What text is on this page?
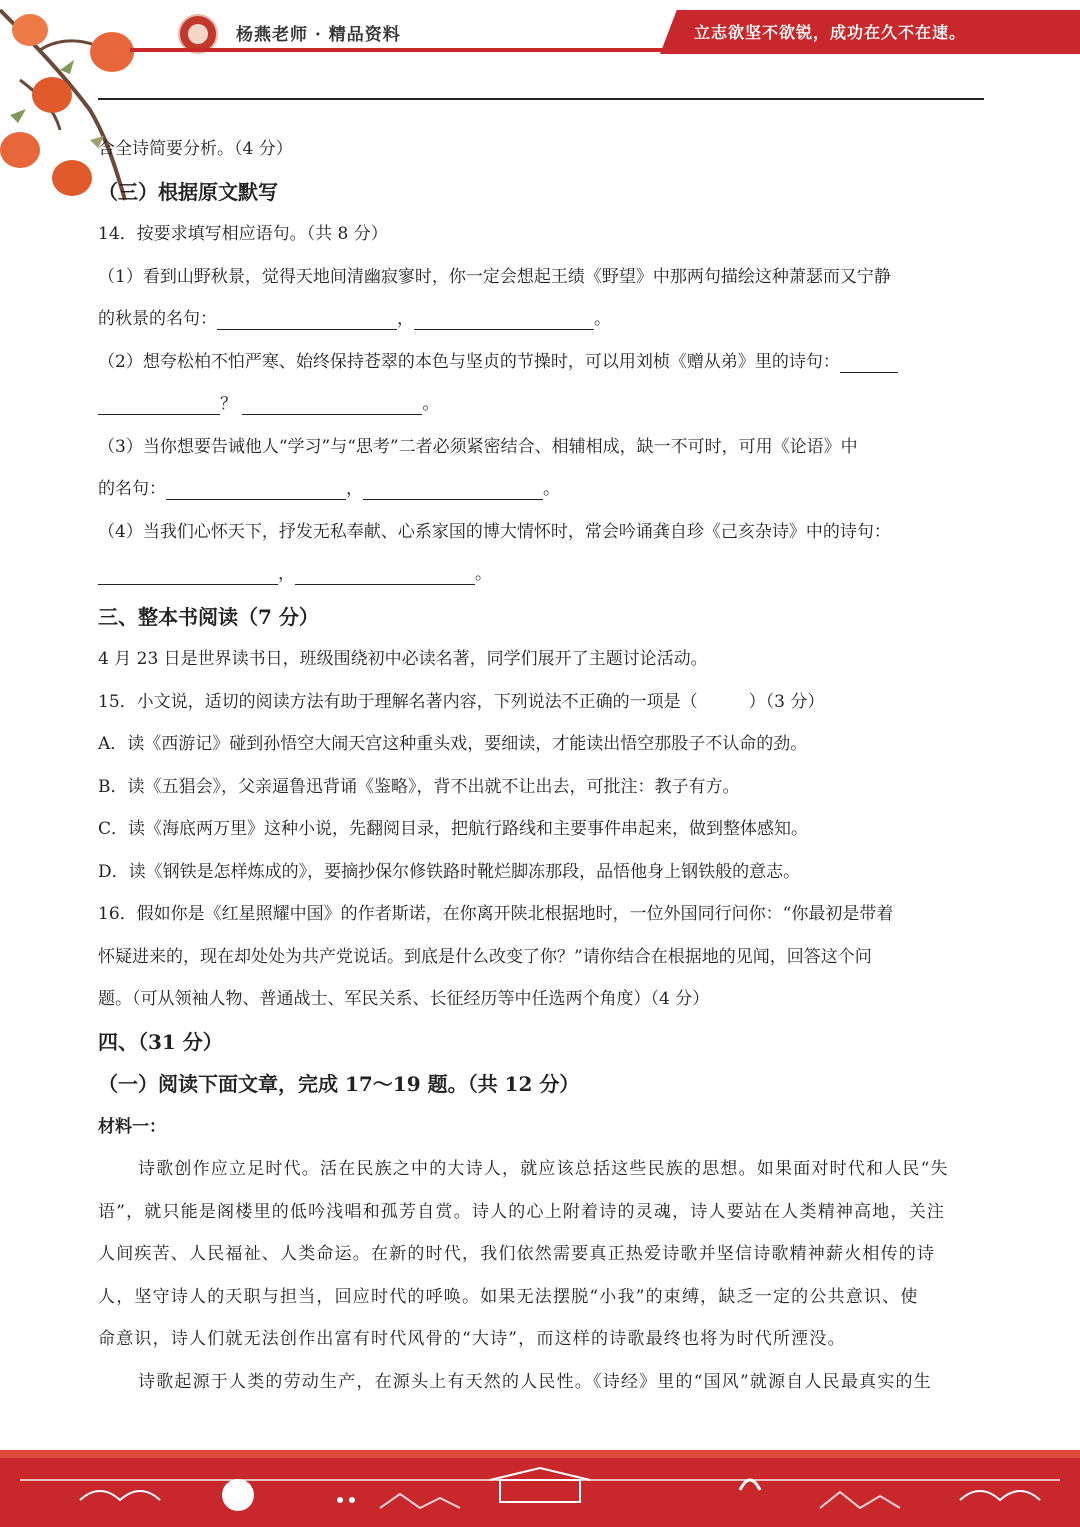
杨燕老师 · 精品资料	立志欲坚不欲锐，成功在久不在速。

合全诗简要分析。（4 分）

（三）根据原文默写

14．按要求填写相应语句。（共 8 分）

（1）看到山野秋景，觉得天地间清幽寂寥时，你一定会想起王绩《野望》中那两句描绘这种萧瑟而又宁静

的秋景的名句：	，	。

（2）想夸松柏不怕严寒、始终保持苍翠的本色与坚贞的节操时，可以用刘桢《赠从弟》里的诗句：

？	。

（3）当你想要告诫他人“学习”与“思考”二者必须紧密结合、相辅相成，缺一不可时，可用《论语》中

的名句：	，	。

（4）当我们心怀天下，抒发无私奉献、心系家国的博大情怀时，常会吟诵龚自珍《己亥杂诗》中的诗句：

，	。

三、整本书阅读（7 分）

4 月 23 日是世界读书日，班级围绕初中必读名著，同学们展开了主题讨论活动。

15．小文说，适切的阅读方法有助于理解名著内容，下列说法不正确的一项是（　　　）（3 分）

A．读《西游记》碰到孙悟空大闹天宫这种重头戏，要细读，才能读出悟空那股子不认命的劲。

B．读《五猖会》，父亲逼鲁迅背诵《鉴略》，背不出就不让出去，可批注：教子有方。

C．读《海底两万里》这种小说，先翻阅目录，把航行路线和主要事件串起来，做到整体感知。

D．读《钢铁是怎样炼成的》，要摘抄保尔修铁路时靴烂脚冻那段，品悟他身上钢铁般的意志。

16．假如你是《红星照耀中国》的作者斯诺，在你离开陕北根据地时，一位外国同行问你：“你最初是带着

怀疑进来的，现在却处处为共产党说话。到底是什么改变了你？”请你结合在根据地的见闻，回答这个问

题。（可从领袖人物、普通战士、军民关系、长征经历等中任选两个角度）（4 分）

四、（31 分）

（一）阅读下面文章，完成 17～19 题。（共 12 分）

材料一：

诗歌创作应立足时代。活在民族之中的大诗人，就应该总括这些民族的思想。如果面对时代和人民“失

语”，就只能是阁楼里的低吟浅唱和孤芳自赏。诗人的心上附着诗的灵魂，诗人要站在人类精神高地，关注

人间疾苦、人民福祉、人类命运。在新的时代，我们依然需要真正热爱诗歌并坚信诗歌精神薪火相传的诗

人，坚守诗人的天职与担当，回应时代的呼唤。如果无法摆脱“小我”的束缚，缺乏一定的公共意识、使

命意识，诗人们就无法创作出富有时代风骨的“大诗”，而这样的诗歌最终也将为时代所湮没。

诗歌起源于人类的劳动生产，在源头上有天然的人民性。《诗经》里的“国风”就源自人民最真实的生
